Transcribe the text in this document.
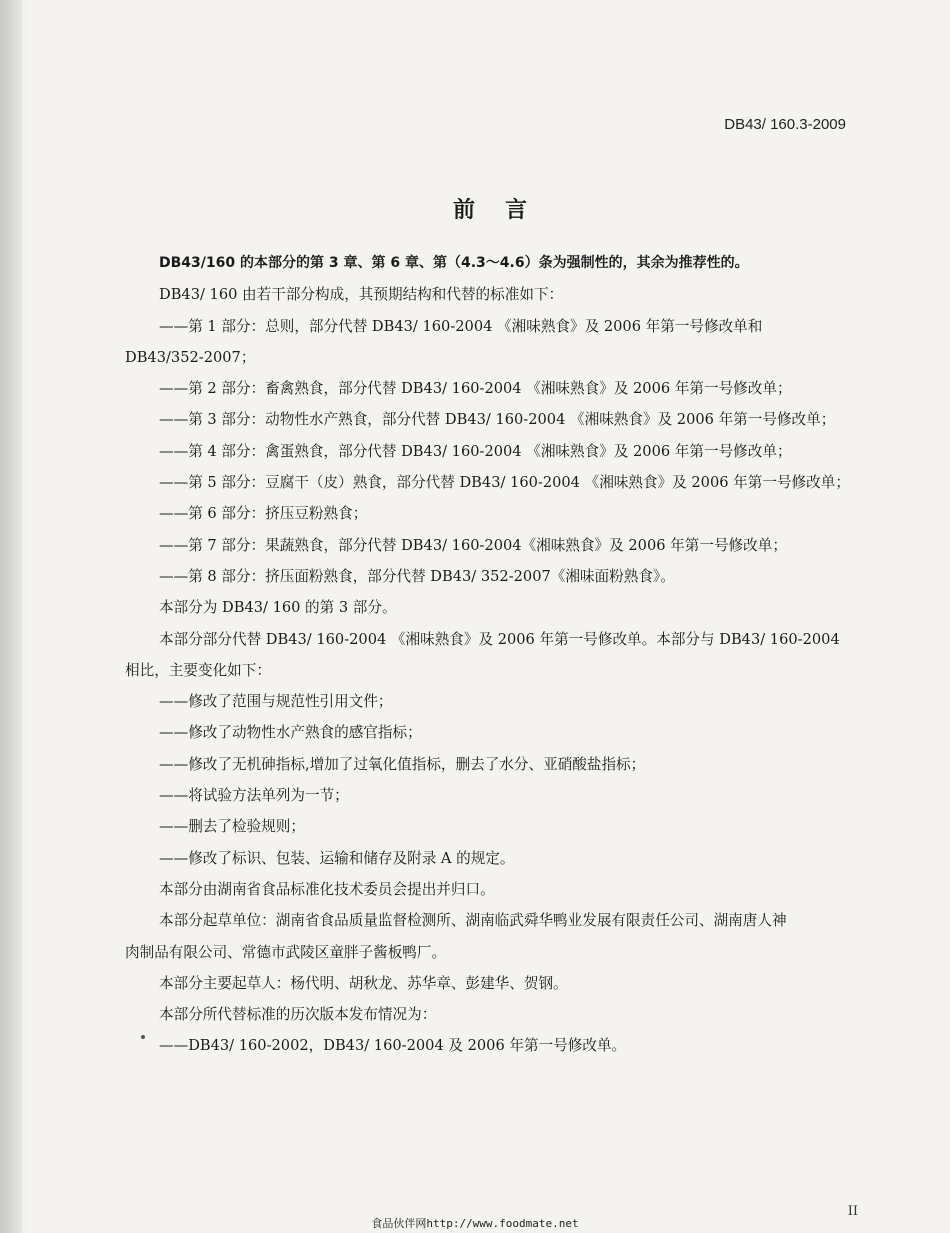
DB43/ 160.3-2009
前言

DB43/160 的本部分的第 3 章、第 6 章、第（4.3～4.6）条为强制性的，其余为推荐性的。

DB43/ 160 由若干部分构成，其预期结构和代替的标准如下：

——第 1 部分：总则，部分代替 DB43/ 160-2004 《湘味熟食》及 2006 年第一号修改单和

DB43/352-2007；

——第 2 部分：畜禽熟食，部分代替 DB43/ 160-2004 《湘味熟食》及 2006 年第一号修改单；

——第 3 部分：动物性水产熟食，部分代替 DB43/ 160-2004 《湘味熟食》及 2006 年第一号修改单；

——第 4 部分：禽蛋熟食，部分代替 DB43/ 160-2004 《湘味熟食》及 2006 年第一号修改单；

——第 5 部分：豆腐干（皮）熟食，部分代替 DB43/ 160-2004 《湘味熟食》及 2006 年第一号修改单；

——第 6 部分：挤压豆粉熟食；

——第 7 部分：果蔬熟食，部分代替 DB43/ 160-2004《湘味熟食》及 2006 年第一号修改单；

——第 8 部分：挤压面粉熟食，部分代替 DB43/ 352-2007《湘味面粉熟食》。

本部分为 DB43/ 160 的第 3 部分。

本部分部分代替 DB43/ 160-2004 《湘味熟食》及 2006 年第一号修改单。本部分与 DB43/ 160-2004

相比，主要变化如下：

——修改了范围与规范性引用文件；

——修改了动物性水产熟食的感官指标；

——修改了无机砷指标,增加了过氧化值指标，删去了水分、亚硝酸盐指标；

——将试验方法单列为一节；

——删去了检验规则；

——修改了标识、包装、运输和储存及附录 A 的规定。

本部分由湖南省食品标准化技术委员会提出并归口。

本部分起草单位：湖南省食品质量监督检测所、湖南临武舜华鸭业发展有限责任公司、湖南唐人神

肉制品有限公司、常德市武陵区童胖子酱板鸭厂。

本部分主要起草人：杨代明、胡秋龙、苏华章、彭建华、贺钢。

本部分所代替标准的历次版本发布情况为：

——DB43/ 160-2002，DB43/ 160-2004 及 2006 年第一号修改单。

II
食品伙伴网http://www.foodmate.net
